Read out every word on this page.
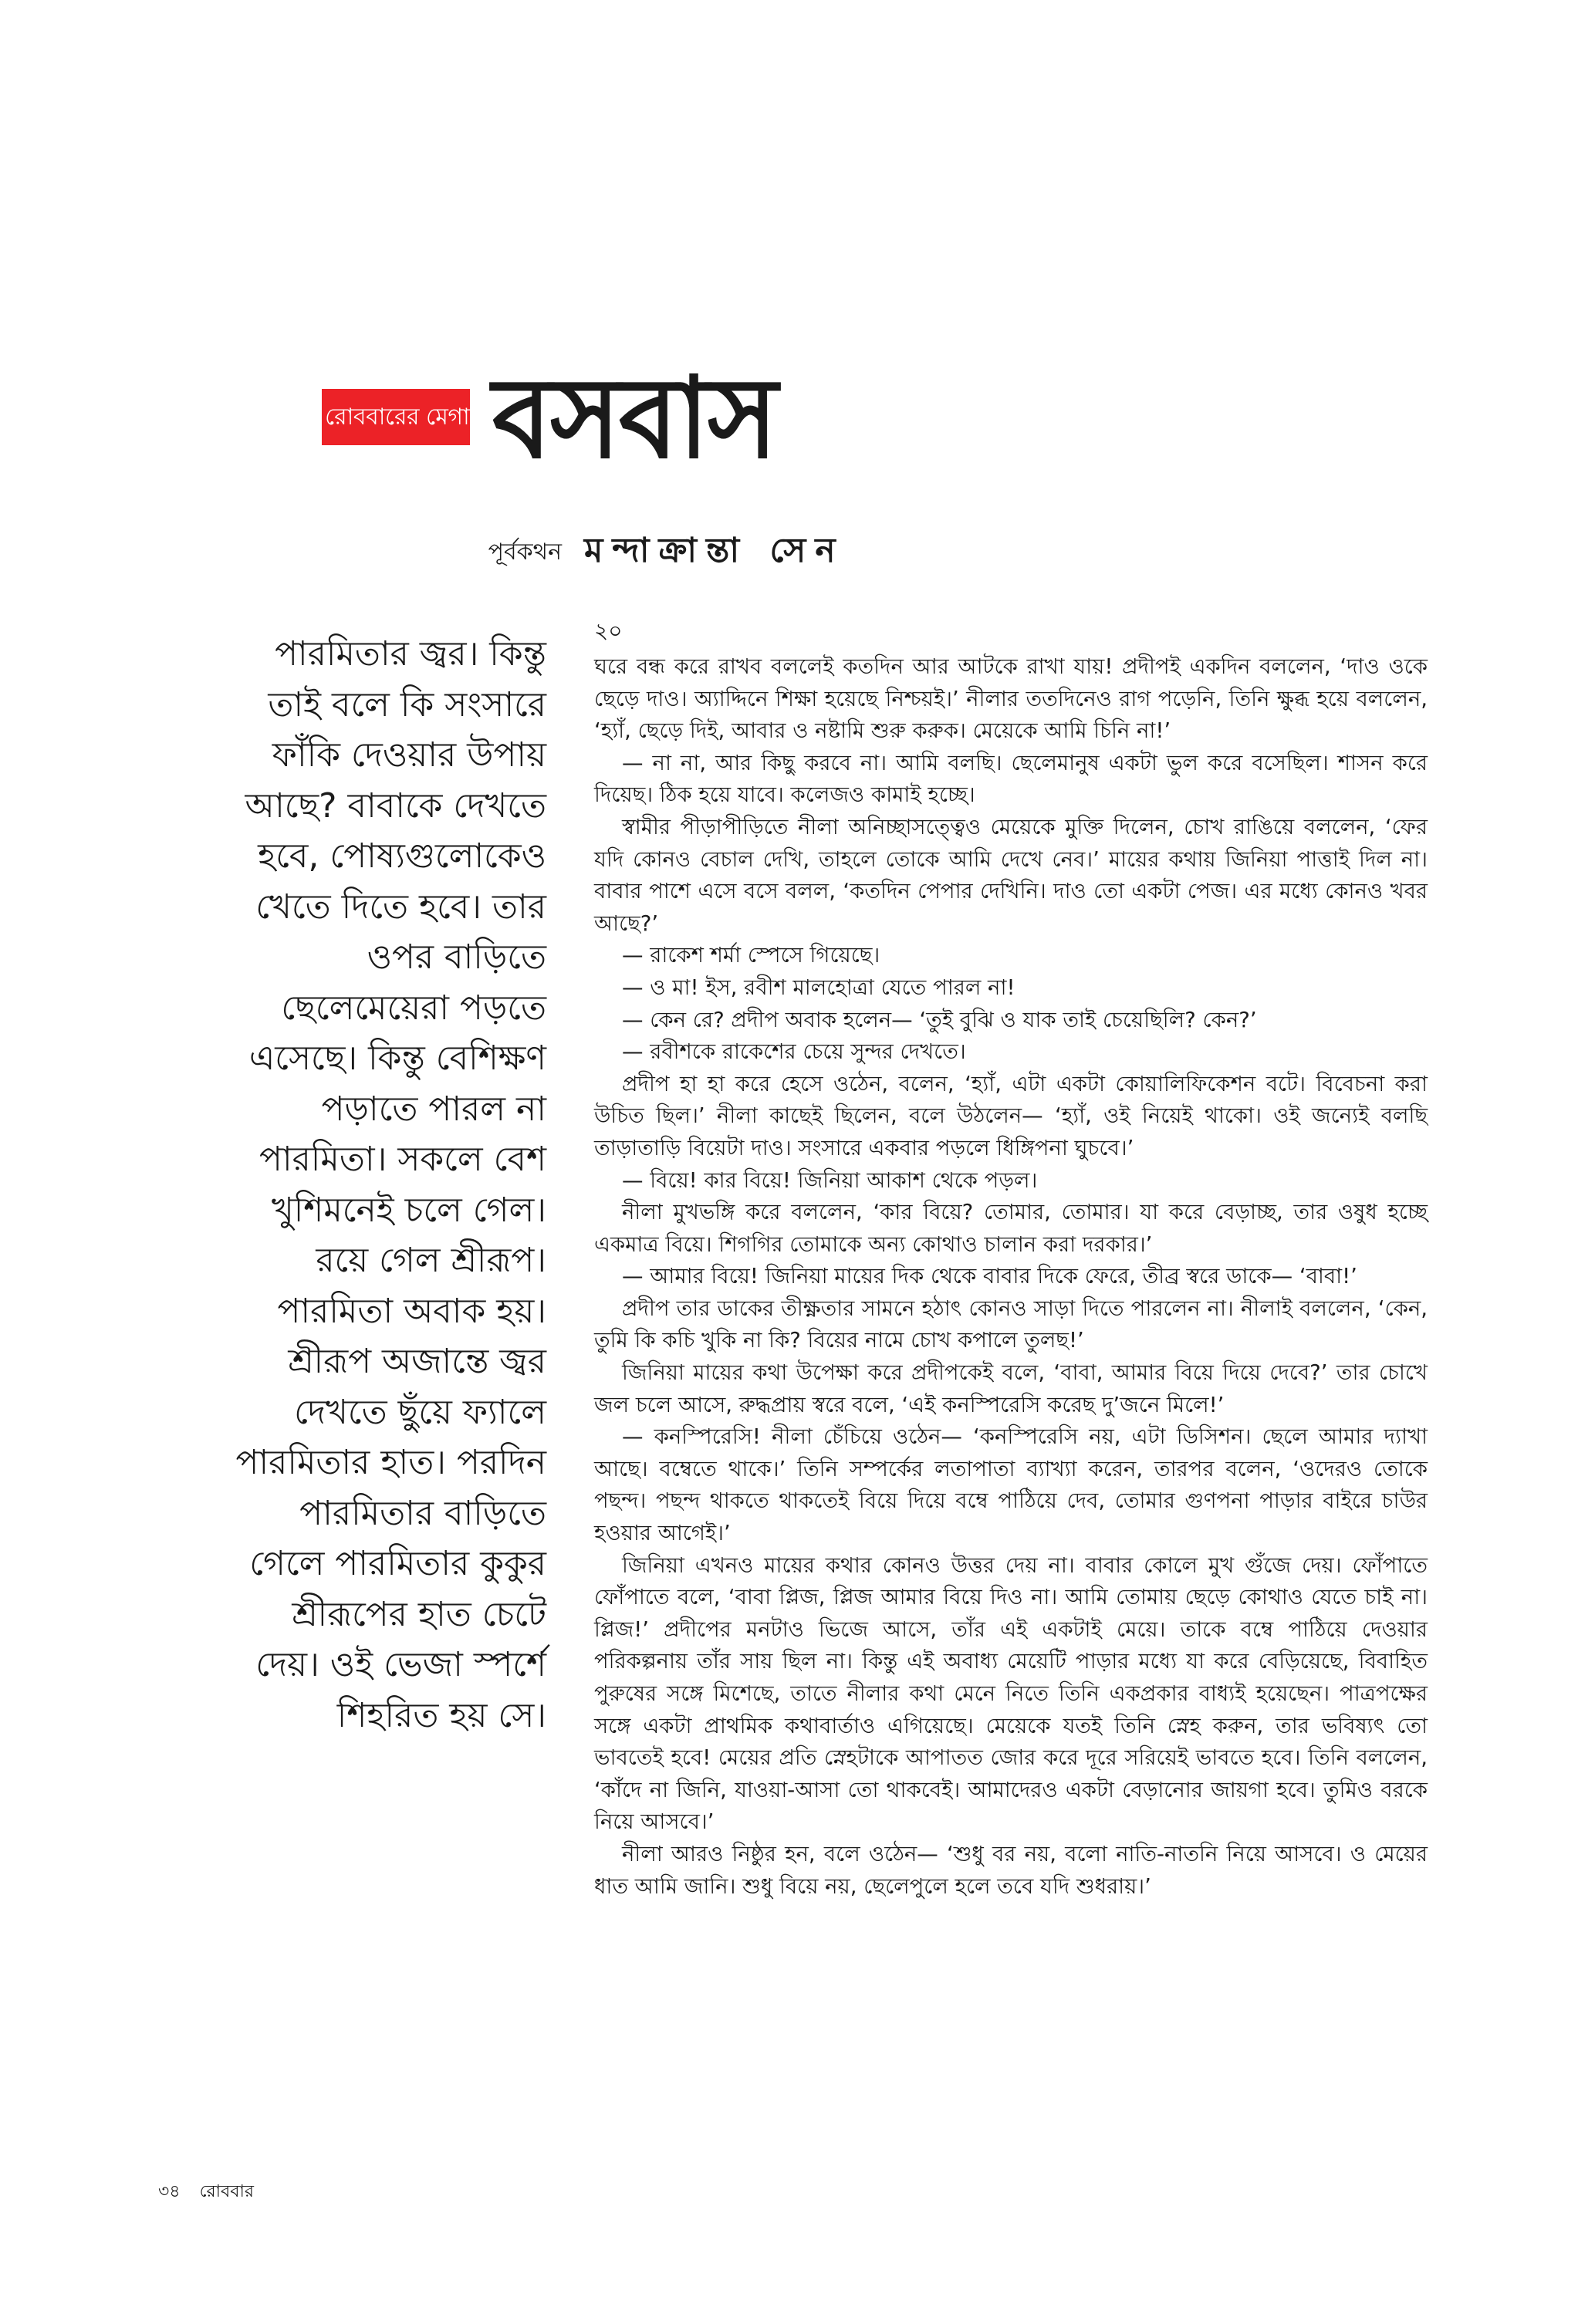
রোববারের মেগা বসবাস
পূর্বকথন মন্দাক্রান্তা সেন
পারমিতার জ্বর। কিন্তু
তাই বলে কি সংসারে
ফাঁকি দেওয়ার উপায়
আছে? বাবাকে দেখতে
হবে, পোষ্যগুলোকেও
খেতে দিতে হবে। তার
ওপর বাড়িতে
ছেলেমেয়েরা পড়তে
এসেছে। কিন্তু বেশিক্ষণ
পড়াতে পারল না
পারমিতা। সকলে বেশ
খুশিমনেই চলে গেল।
রয়ে গেল শ্রীরূপ।
পারমিতা অবাক হয়।
শ্রীরূপ অজান্তে জ্বর
দেখতে ছুঁয়ে ফ্যালে
পারমিতার হাত। পরদিন
পারমিতার বাড়িতে
গেলে পারমিতার কুকুর
শ্রীরূপের হাত চেটে
দেয়। ওই ভেজা স্পর্শে
শিহরিত হয় সে।
২০

ঘরে বন্ধ করে রাখব বললেই কতদিন আর আটকে রাখা যায়! প্রদীপই একদিন বললেন, ‘দাও ওকে ছেড়ে দাও। অ্যাদ্দিনে শিক্ষা হয়েছে নিশ্চয়ই।’ নীলার ততদিনেও রাগ পড়েনি, তিনি ক্ষুব্ধ হয়ে বললেন, ‘হ্যাঁ, ছেড়ে দিই, আবার ও নষ্টামি শুরু করুক। মেয়েকে আমি চিনি না!’

— না না, আর কিছু করবে না। আমি বলছি। ছেলেমানুষ একটা ভুল করে বসেছিল। শাসন করে দিয়েছ। ঠিক হয়ে যাবে। কলেজও কামাই হচ্ছে।

স্বামীর পীড়াপীড়িতে নীলা অনিচ্ছাসত্ত্বেও মেয়েকে মুক্তি দিলেন, চোখ রাঙিয়ে বললেন, ‘ফের যদি কোনও বেচাল দেখি, তাহলে তোকে আমি দেখে নেব।’ মায়ের কথায় জিনিয়া পাত্তাই দিল না। বাবার পাশে এসে বসে বলল, ‘কতদিন পেপার দেখিনি। দাও তো একটা পেজ। এর মধ্যে কোনও খবর আছে?’

— রাকেশ শর্মা স্পেসে গিয়েছে।

— ও মা! ইস, রবীশ মালহোত্রা যেতে পারল না!

— কেন রে? প্রদীপ অবাক হলেন— ‘তুই বুঝি ও যাক তাই চেয়েছিলি? কেন?’

— রবীশকে রাকেশের চেয়ে সুন্দর দেখতে।

প্রদীপ হা হা করে হেসে ওঠেন, বলেন, ‘হ্যাঁ, এটা একটা কোয়ালিফিকেশন বটে। বিবেচনা করা উচিত ছিল।’ নীলা কাছেই ছিলেন, বলে উঠলেন— ‘হ্যাঁ, ওই নিয়েই থাকো। ওই জন্যেই বলছি তাড়াতাড়ি বিয়েটা দাও। সংসারে একবার পড়লে ধিঙ্গিপনা ঘুচবে।’

— বিয়ে! কার বিয়ে! জিনিয়া আকাশ থেকে পড়ল।

নীলা মুখভঙ্গি করে বললেন, ‘কার বিয়ে? তোমার, তোমার। যা করে বেড়াচ্ছ, তার ওষুধ হচ্ছে একমাত্র বিয়ে। শিগগির তোমাকে অন্য কোথাও চালান করা দরকার।’

— আমার বিয়ে! জিনিয়া মায়ের দিক থেকে বাবার দিকে ফেরে, তীব্র স্বরে ডাকে— ‘বাবা!’

প্রদীপ তার ডাকের তীক্ষ্ণতার সামনে হঠাৎ কোনও সাড়া দিতে পারলেন না। নীলাই বললেন, ‘কেন, তুমি কি কচি খুকি না কি? বিয়ের নামে চোখ কপালে তুলছ!’

জিনিয়া মায়ের কথা উপেক্ষা করে প্রদীপকেই বলে, ‘বাবা, আমার বিয়ে দিয়ে দেবে?’ তার চোখে জল চলে আসে, রুদ্ধপ্রায় স্বরে বলে, ‘এই কনস্পিরেসি করেছ দু’জনে মিলে!’

— কনস্পিরেসি! নীলা চেঁচিয়ে ওঠেন— ‘কনস্পিরেসি নয়, এটা ডিসিশন। ছেলে আমার দ্যাখা আছে। বম্বেতে থাকে।’ তিনি সম্পর্কের লতাপাতা ব্যাখ্যা করেন, তারপর বলেন, ‘ওদেরও তোকে পছন্দ। পছন্দ থাকতে থাকতেই বিয়ে দিয়ে বম্বে পাঠিয়ে দেব, তোমার গুণপনা পাড়ার বাইরে চাউর হওয়ার আগেই।’

জিনিয়া এখনও মায়ের কথার কোনও উত্তর দেয় না। বাবার কোলে মুখ গুঁজে দেয়। ফোঁপাতে ফোঁপাতে বলে, ‘বাবা প্লিজ, প্লিজ আমার বিয়ে দিও না। আমি তোমায় ছেড়ে কোথাও যেতে চাই না। প্লিজ!’ প্রদীপের মনটাও ভিজে আসে, তাঁর এই একটাই মেয়ে। তাকে বম্বে পাঠিয়ে দেওয়ার পরিকল্পনায় তাঁর সায় ছিল না। কিন্তু এই অবাধ্য মেয়েটি পাড়ার মধ্যে যা করে বেড়িয়েছে, বিবাহিত পুরুষের সঙ্গে মিশেছে, তাতে নীলার কথা মেনে নিতে তিনি একপ্রকার বাধ্যই হয়েছেন। পাত্রপক্ষের সঙ্গে একটা প্রাথমিক কথাবার্তাও এগিয়েছে। মেয়েকে যতই তিনি স্নেহ করুন, তার ভবিষ্যৎ তো ভাবতেই হবে! মেয়ের প্রতি স্নেহটাকে আপাতত জোর করে দূরে সরিয়েই ভাবতে হবে। তিনি বললেন, ‘কাঁদে না জিনি, যাওয়া-আসা তো থাকবেই। আমাদেরও একটা বেড়ানোর জায়গা হবে। তুমিও বরকে নিয়ে আসবে।’

নীলা আরও নিষ্ঠুর হন, বলে ওঠেন— ‘শুধু বর নয়, বলো নাতি-নাতনি নিয়ে আসবে। ও মেয়ের ধাত আমি জানি। শুধু বিয়ে নয়, ছেলেপুলে হলে তবে যদি শুধরায়।’

৩৪ রোববার
